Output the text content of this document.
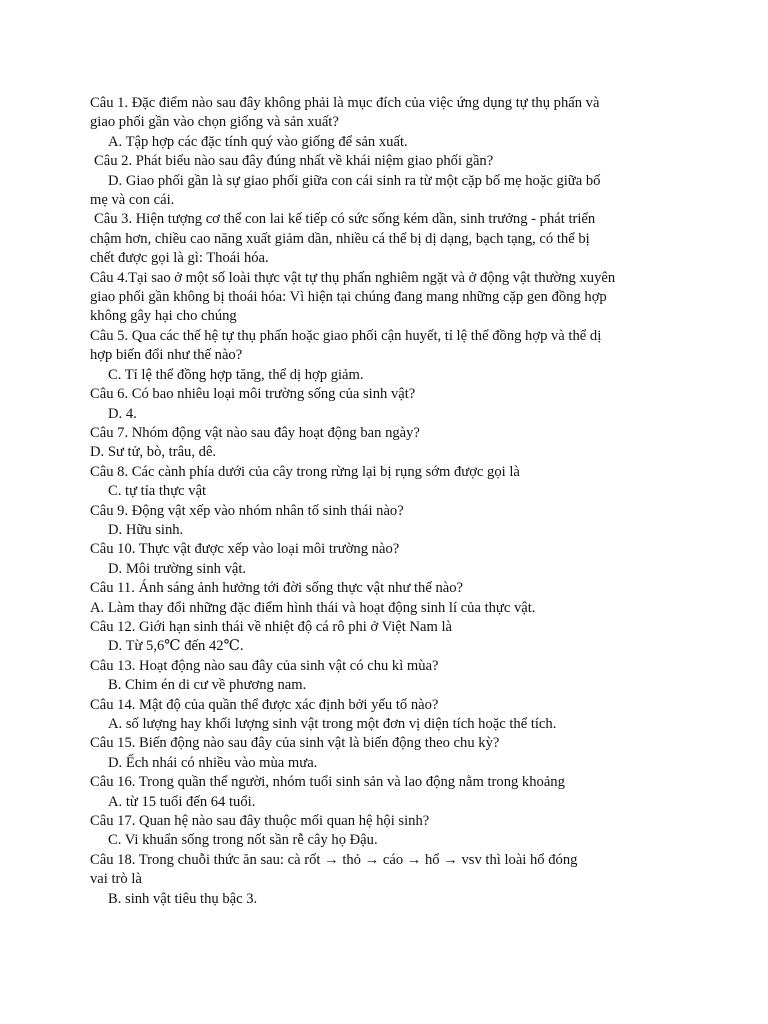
Câu 1. Đặc điểm nào sau đây không phải là mục đích của việc ứng dụng tự thụ phấn và
giao phối gần vào chọn giống và sản xuất?
A. Tập hợp các đặc tính quý vào giống để sản xuất.
Câu 2. Phát biểu nào sau đây đúng nhất về khái niệm giao phối gần?
D. Giao phối gần là sự giao phối giữa con cái sinh ra từ một cặp bố mẹ hoặc giữa bố
mẹ và con cái.
Câu 3. Hiện tượng cơ thể con lai kế tiếp có sức sống kém dần, sinh trưởng - phát triển
chậm hơn, chiều cao năng xuất giảm dần, nhiều cá thể bị dị dạng, bạch tạng, có thể bị
chết được gọi là gì: Thoái hóa.
Câu 4.Tại sao ở một số loài thực vật tự thụ phấn nghiêm ngặt và ở động vật thường xuyên
giao phối gần không bị thoái hóa: Vì hiện tại chúng đang mang những cặp gen đồng hợp
không gây hại cho chúng
Câu 5. Qua các thế hệ tự thụ phấn hoặc giao phối cận huyết, tỉ lệ thể đồng hợp và thể dị
hợp biến đổi như thế nào?
C. Tỉ lệ thể đồng hợp tăng, thể dị hợp giảm.
Câu 6. Có bao nhiêu loại môi trường sống của sinh vật?
D. 4.
Câu 7. Nhóm động vật nào sau đây hoạt động ban ngày?
D. Sư tử, bò, trâu, dê.
Câu 8. Các cành phía dưới của cây trong rừng lại bị rụng sớm được gọi là
C. tự tỉa thực vật
Câu 9. Động vật xếp vào nhóm nhân tố sinh thái nào?
D. Hữu sinh.
Câu 10. Thực vật được xếp vào loại môi trường nào?
D. Môi trường sinh vật.
Câu 11. Ánh sáng ảnh hưởng tới đời sống thực vật như thế nào?
A. Làm thay đổi những đặc điểm hình thái và hoạt động sinh lí của thực vật.
Câu 12. Giới hạn sinh thái về nhiệt độ cá rô phi ở Việt Nam là
D. Từ 5,6℃ đến 42℃.
Câu 13. Hoạt động nào sau đây của sinh vật có chu kì mùa?
B. Chim én di cư về phương nam.
Câu 14. Mật độ của quần thể được xác định bởi yếu tố nào?
A. số lượng hay khối lượng sinh vật trong một đơn vị diện tích hoặc thể tích.
Câu 15. Biến động nào sau đây của sinh vật là biến động theo chu kỳ?
D. Ếch nhái có nhiều vào mùa mưa.
Câu 16. Trong quần thể người, nhóm tuổi sinh sản và lao động nằm trong khoảng
A. từ 15 tuổi đến 64 tuổi.
Câu 17. Quan hệ nào sau đây thuộc mối quan hệ hội sinh?
C. Vi khuẩn sống trong nốt sần rễ cây họ Đậu.
Câu 18. Trong chuỗi thức ăn sau: cà rốt → thỏ → cáo → hổ → vsv thì loài hổ đóng
vai trò là
B. sinh vật tiêu thụ bậc 3.
